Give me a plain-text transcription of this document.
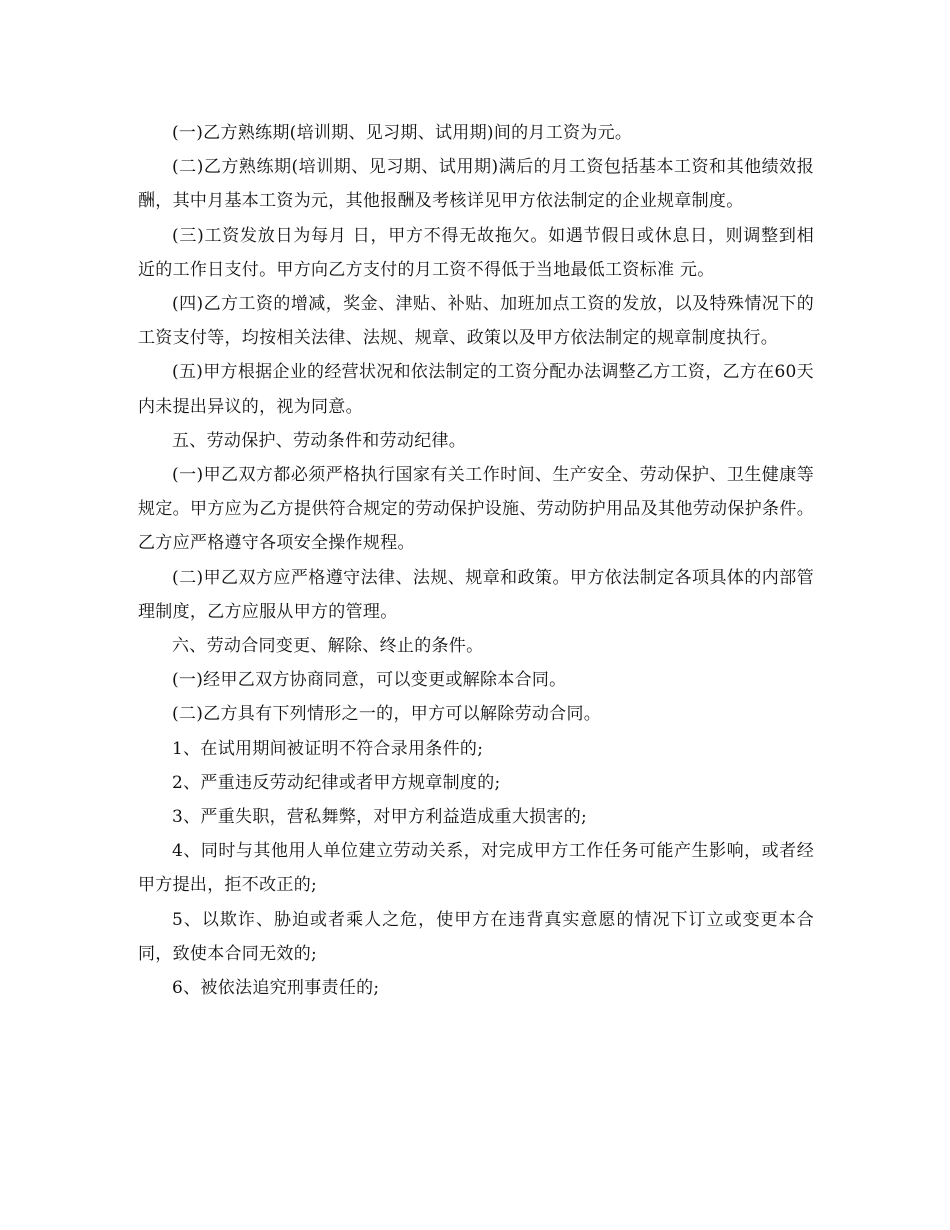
(一)乙方熟练期(培训期、见习期、试用期)间的月工资为元。

(二)乙方熟练期(培训期、见习期、试用期)满后的月工资包括基本工资和其他绩效报酬，其中月基本工资为元，其他报酬及考核详见甲方依法制定的企业规章制度。

(三)工资发放日为每月 日，甲方不得无故拖欠。如遇节假日或休息日，则调整到相近的工作日支付。甲方向乙方支付的月工资不得低于当地最低工资标准 元。

(四)乙方工资的增减，奖金、津贴、补贴、加班加点工资的发放，以及特殊情况下的工资支付等，均按相关法律、法规、规章、政策以及甲方依法制定的规章制度执行。

(五)甲方根据企业的经营状况和依法制定的工资分配办法调整乙方工资，乙方在60天内未提出异议的，视为同意。

五、劳动保护、劳动条件和劳动纪律。

(一)甲乙双方都必须严格执行国家有关工作时间、生产安全、劳动保护、卫生健康等规定。甲方应为乙方提供符合规定的劳动保护设施、劳动防护用品及其他劳动保护条件。乙方应严格遵守各项安全操作规程。

(二)甲乙双方应严格遵守法律、法规、规章和政策。甲方依法制定各项具体的内部管理制度，乙方应服从甲方的管理。

六、劳动合同变更、解除、终止的条件。

(一)经甲乙双方协商同意，可以变更或解除本合同。

(二)乙方具有下列情形之一的，甲方可以解除劳动合同。

1、在试用期间被证明不符合录用条件的;

2、严重违反劳动纪律或者甲方规章制度的;

3、严重失职，营私舞弊，对甲方利益造成重大损害的;

4、同时与其他用人单位建立劳动关系，对完成甲方工作任务可能产生影响，或者经甲方提出，拒不改正的;

5、以欺诈、胁迫或者乘人之危，使甲方在违背真实意愿的情况下订立或变更本合同，致使本合同无效的;

6、被依法追究刑事责任的;
